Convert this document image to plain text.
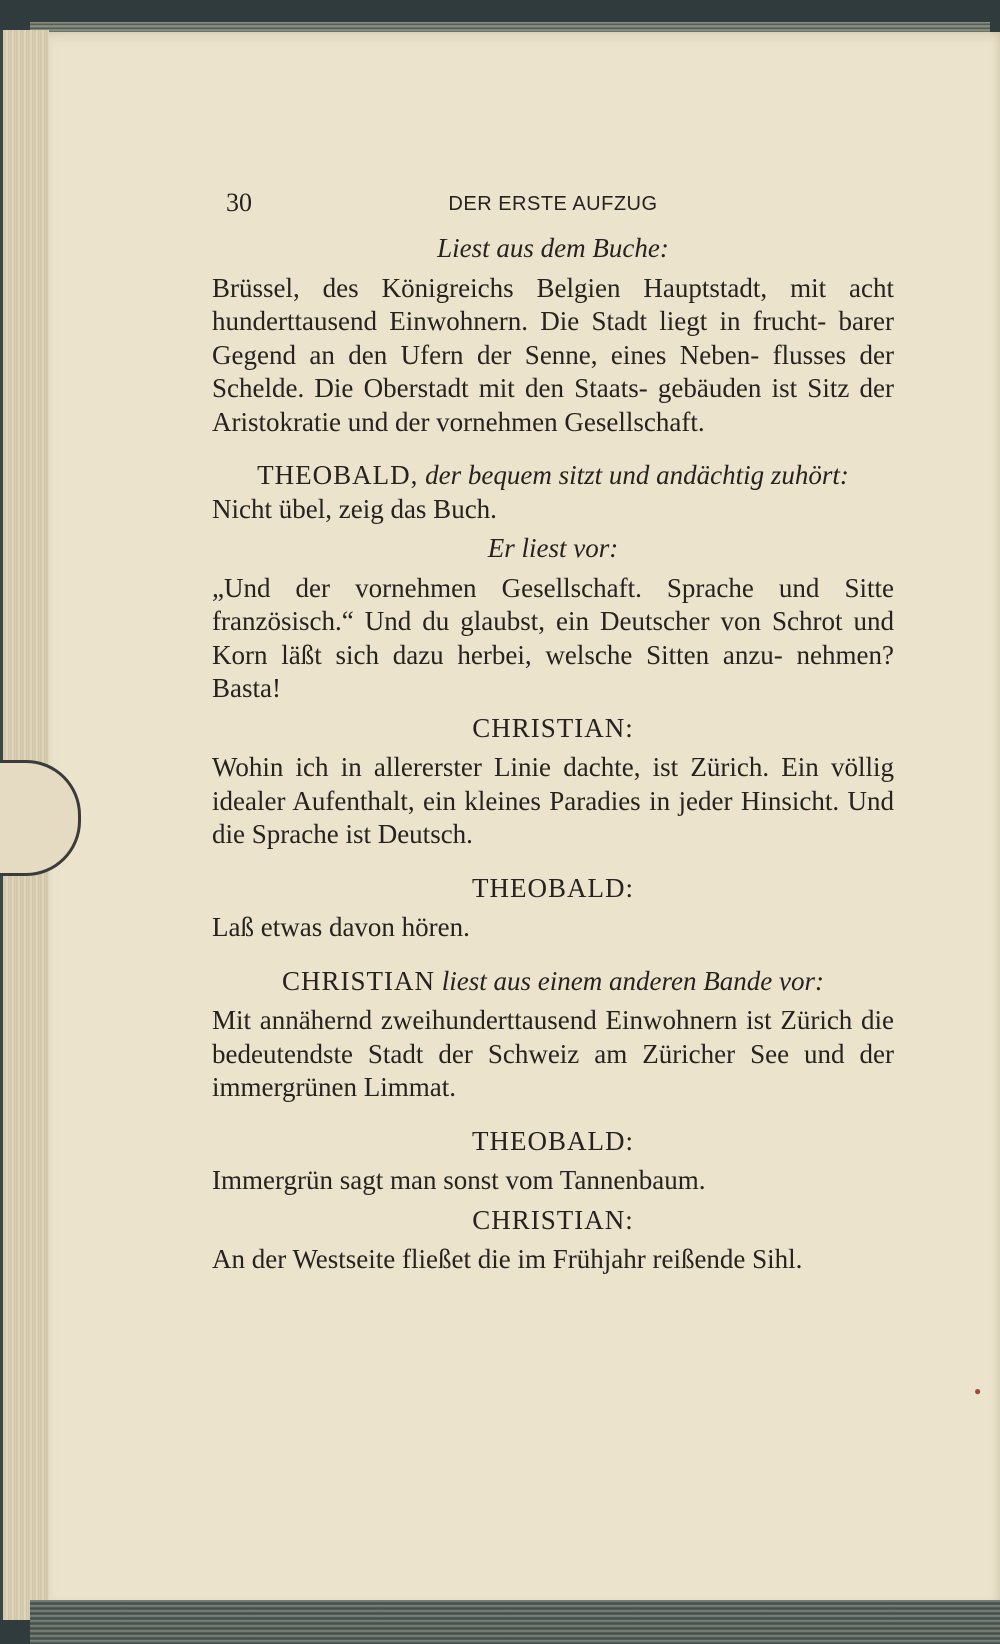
30	DER ERSTE AUFZUG

Liest aus dem Buche:

Brüssel, des Königreichs Belgien Hauptstadt, mit acht hunderttausend Einwohnern. Die Stadt liegt in frucht- barer Gegend an den Ufern der Senne, eines Neben- flusses der Schelde. Die Oberstadt mit den Staats- gebäuden ist Sitz der Aristokratie und der vornehmen Gesellschaft.

THEOBALD, der bequem sitzt und andächtig zuhört:

Nicht übel, zeig das Buch.

Er liest vor:

„Und der vornehmen Gesellschaft. Sprache und Sitte französisch.“ Und du glaubst, ein Deutscher von Schrot und Korn läßt sich dazu herbei, welsche Sitten anzu- nehmen? Basta!

CHRISTIAN:

Wohin ich in allererster Linie dachte, ist Zürich. Ein völlig idealer Aufenthalt, ein kleines Paradies in jeder Hinsicht. Und die Sprache ist Deutsch.

THEOBALD:

Laß etwas davon hören.

CHRISTIAN liest aus einem anderen Bande vor:

Mit annähernd zweihunderttausend Einwohnern ist Zürich die bedeutendste Stadt der Schweiz am Züricher See und der immergrünen Limmat.

THEOBALD:

Immergrün sagt man sonst vom Tannenbaum.

CHRISTIAN:

An der Westseite fließet die im Frühjahr reißende Sihl.

●
